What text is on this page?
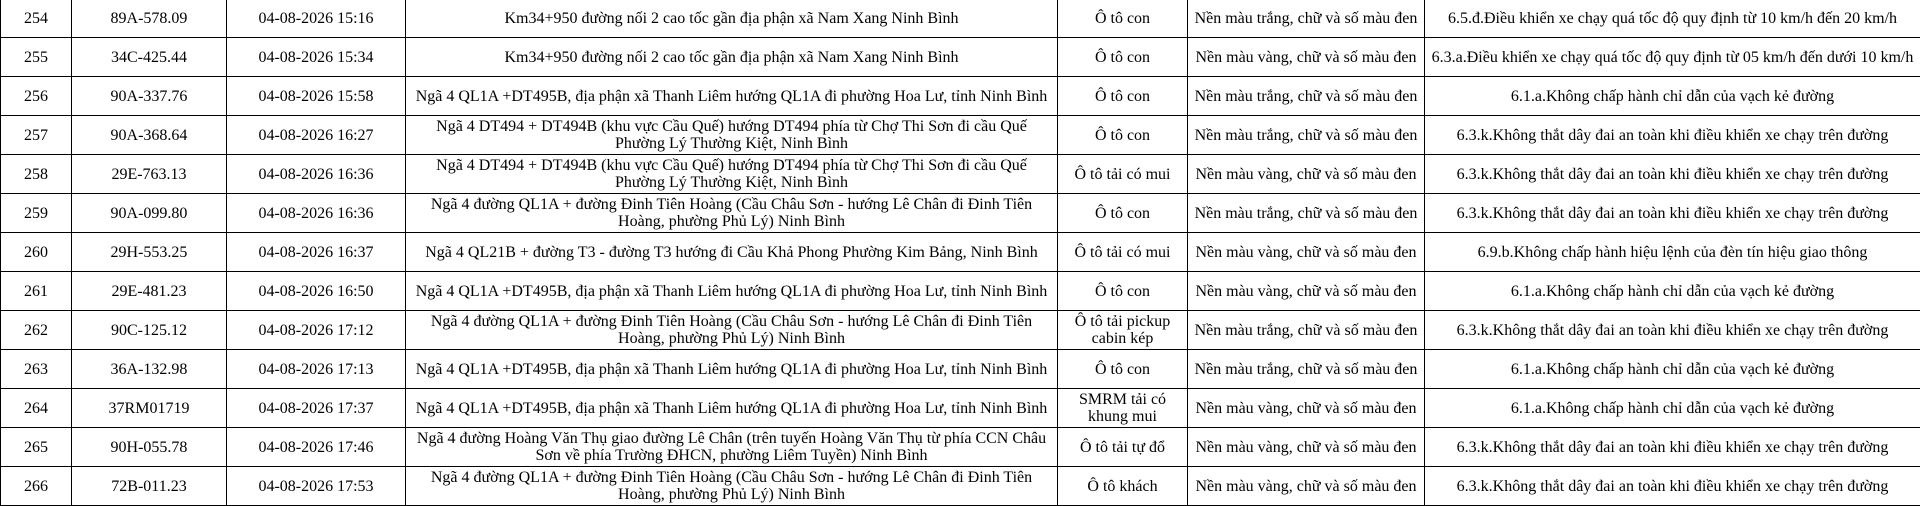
254	89A-578.09	04-08-2026 15:16	Km34+950 đường nối 2 cao tốc gần địa phận xã Nam Xang Ninh Bình	Ô tô con	Nền màu trắng, chữ và số màu đen	6.5.đ.Điều khiển xe chạy quá tốc độ quy định từ 10 km/h đến 20 km/h
255	34C-425.44	04-08-2026 15:34	Km34+950 đường nối 2 cao tốc gần địa phận xã Nam Xang Ninh Bình	Ô tô con	Nền màu vàng, chữ và số màu đen	6.3.a.Điều khiển xe chạy quá tốc độ quy định từ 05 km/h đến dưới 10 km/h
256	90A-337.76	04-08-2026 15:58	Ngã 4 QL1A +DT495B, địa phận xã Thanh Liêm hướng QL1A đi phường Hoa Lư, tỉnh Ninh Bình	Ô tô con	Nền màu trắng, chữ và số màu đen	6.1.a.Không chấp hành chỉ dẫn của vạch kẻ đường
257	90A-368.64	04-08-2026 16:27	Ngã 4 DT494 + DT494B (khu vực Cầu Quế) hướng DT494 phía từ Chợ Thi Sơn đi cầu Quế Phường Lý Thường Kiệt, Ninh Bình	Ô tô con	Nền màu trắng, chữ và số màu đen	6.3.k.Không thắt dây đai an toàn khi điều khiển xe chạy trên đường
258	29E-763.13	04-08-2026 16:36	Ngã 4 DT494 + DT494B (khu vực Cầu Quế) hướng DT494 phía từ Chợ Thi Sơn đi cầu Quế Phường Lý Thường Kiệt, Ninh Bình	Ô tô tải có mui	Nền màu vàng, chữ và số màu đen	6.3.k.Không thắt dây đai an toàn khi điều khiển xe chạy trên đường
259	90A-099.80	04-08-2026 16:36	Ngã 4 đường QL1A + đường Đinh Tiên Hoàng (Cầu Châu Sơn - hướng Lê Chân đi Đinh Tiên Hoàng, phường Phủ Lý) Ninh Bình	Ô tô con	Nền màu trắng, chữ và số màu đen	6.3.k.Không thắt dây đai an toàn khi điều khiển xe chạy trên đường
260	29H-553.25	04-08-2026 16:37	Ngã 4 QL21B + đường T3 - đường T3 hướng đi Cầu Khả Phong Phường Kim Bảng, Ninh Bình	Ô tô tải có mui	Nền màu vàng, chữ và số màu đen	6.9.b.Không chấp hành hiệu lệnh của đèn tín hiệu giao thông
261	29E-481.23	04-08-2026 16:50	Ngã 4 QL1A +DT495B, địa phận xã Thanh Liêm hướng QL1A đi phường Hoa Lư, tỉnh Ninh Bình	Ô tô con	Nền màu vàng, chữ và số màu đen	6.1.a.Không chấp hành chỉ dẫn của vạch kẻ đường
262	90C-125.12	04-08-2026 17:12	Ngã 4 đường QL1A + đường Đinh Tiên Hoàng (Cầu Châu Sơn - hướng Lê Chân đi Đinh Tiên Hoàng, phường Phủ Lý) Ninh Bình	Ô tô tải pickup cabin kép	Nền màu trắng, chữ và số màu đen	6.3.k.Không thắt dây đai an toàn khi điều khiển xe chạy trên đường
263	36A-132.98	04-08-2026 17:13	Ngã 4 QL1A +DT495B, địa phận xã Thanh Liêm hướng QL1A đi phường Hoa Lư, tỉnh Ninh Bình	Ô tô con	Nền màu trắng, chữ và số màu đen	6.1.a.Không chấp hành chỉ dẫn của vạch kẻ đường
264	37RM01719	04-08-2026 17:37	Ngã 4 QL1A +DT495B, địa phận xã Thanh Liêm hướng QL1A đi phường Hoa Lư, tỉnh Ninh Bình	SMRM tải có khung mui	Nền màu vàng, chữ và số màu đen	6.1.a.Không chấp hành chỉ dẫn của vạch kẻ đường
265	90H-055.78	04-08-2026 17:46	Ngã 4 đường Hoàng Văn Thụ giao đường Lê Chân (trên tuyến Hoàng Văn Thụ từ phía CCN Châu Sơn về phía Trường ĐHCN, phường Liêm Tuyền) Ninh Bình	Ô tô tải tự đổ	Nền màu vàng, chữ và số màu đen	6.3.k.Không thắt dây đai an toàn khi điều khiển xe chạy trên đường
266	72B-011.23	04-08-2026 17:53	Ngã 4 đường QL1A + đường Đinh Tiên Hoàng (Cầu Châu Sơn - hướng Lê Chân đi Đinh Tiên Hoàng, phường Phủ Lý) Ninh Bình	Ô tô khách	Nền màu vàng, chữ và số màu đen	6.3.k.Không thắt dây đai an toàn khi điều khiển xe chạy trên đường
